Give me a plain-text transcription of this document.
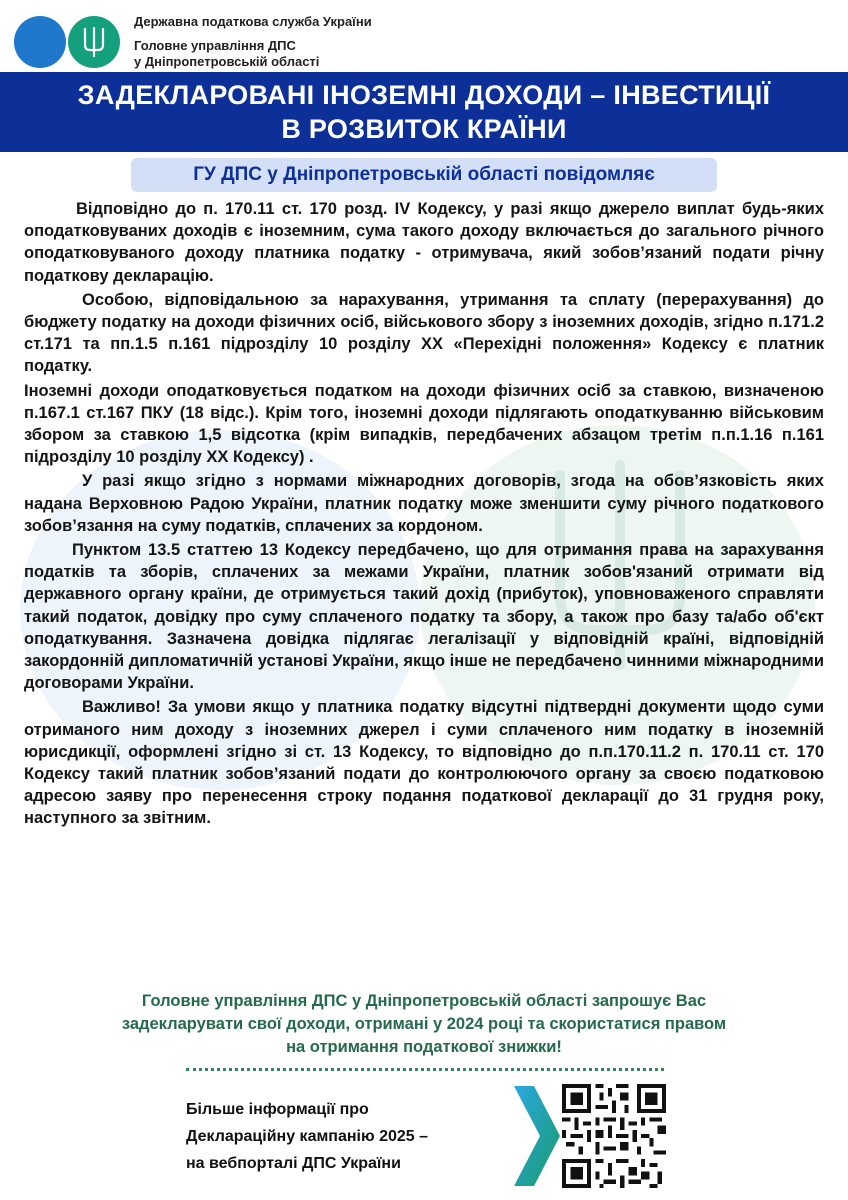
Державна податкова служба України
Головне управління ДПС
у Дніпропетровській області
ЗАДЕКЛАРОВАНІ ІНОЗЕМНІ ДОХОДИ – ІНВЕСТИЦІЇ
В РОЗВИТОК КРАЇНИ
ГУ ДПС у Дніпропетровській області повідомляє

Відповідно до п. 170.11 ст. 170 розд. IV Кодексу, у разі якщо джерело виплат будь-яких оподатковуваних доходів є іноземним, сума такого доходу включається до загального річного оподатковуваного доходу платника податку - отримувача, який зобов’язаний подати річну податкову декларацію.

Особою, відповідальною за нарахування, утримання та сплату (перерахування) до бюджету податку на доходи фізичних осіб, військового збору з іноземних доходів, згідно п.171.2 ст.171 та пп.1.5 п.161 підрозділу 10 розділу XX «Перехідні положення» Кодексу є платник податку.

Іноземні доходи оподатковується податком на доходи фізичних осіб за ставкою, визначеною п.167.1 ст.167 ПКУ (18 відс.). Крім того, іноземні доходи підлягають оподаткуванню військовим збором за ставкою 1,5 відсотка (крім випадків, передбачених абзацом третім п.п.1.16 п.161 підрозділу 10 розділу XX Кодексу) .

У разі якщо згідно з нормами міжнародних договорів, згода на обов’язковість яких надана Верховною Радою України, платник податку може зменшити суму річного податкового зобов’язання на суму податків, сплачених за кордоном.

Пунктом 13.5 статтею 13 Кодексу передбачено, що для отримання права на зарахування податків та зборів, сплачених за межами України, платник зобов'язаний отримати від державного органу країни, де отримується такий дохід (прибуток), уповноваженого справляти такий податок, довідку про суму сплаченого податку та збору, а також про базу та/або об'єкт оподаткування. Зазначена довідка підлягає легалізації у відповідній країні, відповідній закордонній дипломатичній установі України, якщо інше не передбачено чинними міжнародними договорами України.

Важливо! За умови якщо у платника податку відсутні підтвердні документи щодо суми отриманого ним доходу з іноземних джерел і суми сплаченого ним податку в іноземній юрисдикції, оформлені згідно зі ст. 13 Кодексу, то відповідно до п.п.170.11.2 п. 170.11 ст. 170 Кодексу такий платник зобов’язаний подати до контролюючого органу за своєю податковою адресою заяву про перенесення строку подання податкової декларації до 31 грудня року, наступного за звітним.

Головне управління ДПС у Дніпропетровській області запрошує Вас
задекларувати свої доходи, отримані у 2024 році та скористатися правом
на отримання податкової знижки!
Більше інформації про
Деклараційну кампанію 2025 –
на вебпорталі ДПС України
